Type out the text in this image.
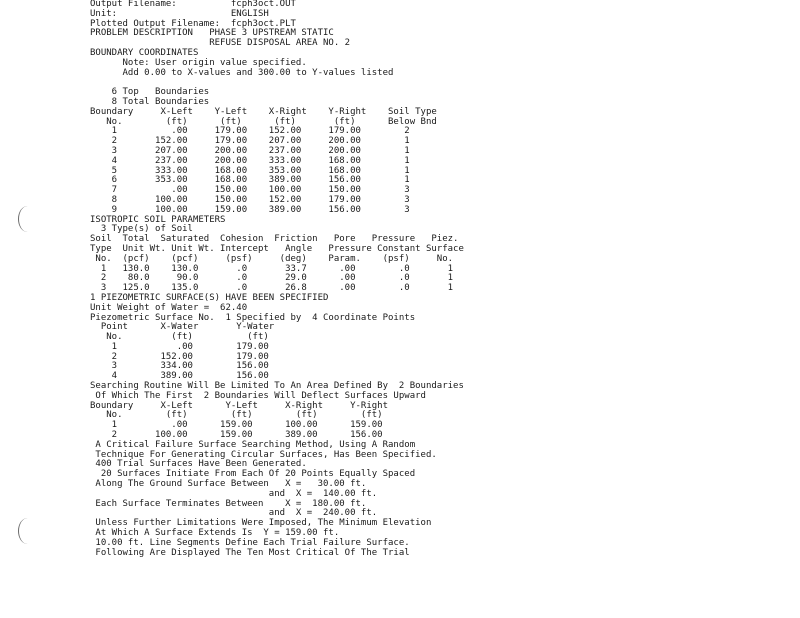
Output Filename:          fcph3oct.OUT
Unit:                     ENGLISH
Plotted Output Filename:  fcph3oct.PLT
PROBLEM DESCRIPTION   PHASE 3 UPSTREAM STATIC
REFUSE DISPOSAL AREA NO. 2
BOUNDARY COORDINATES
Note: User origin value specified.
Add 0.00 to X-values and 300.00 to Y-values listed
6 Top   Boundaries
8 Total Boundaries
Boundary     X-Left    Y-Left    X-Right    Y-Right    Soil Type
No.        (ft)      (ft)      (ft)       (ft)      Below Bnd
1          .00     179.00    152.00     179.00        2
2       152.00     179.00    207.00     200.00        1
3       207.00     200.00    237.00     200.00        1
4       237.00     200.00    333.00     168.00        1
5       333.00     168.00    353.00     168.00        1
6       353.00     168.00    389.00     156.00        1
7          .00     150.00    100.00     150.00        3
8       100.00     150.00    152.00     179.00        3
9       100.00     159.00    389.00     156.00        3
ISOTROPIC SOIL PARAMETERS
3 Type(s) of Soil
Soil  Total  Saturated  Cohesion  Friction   Pore   Pressure   Piez.
Type  Unit Wt. Unit Wt. Intercept   Angle   Pressure Constant Surface
No.  (pcf)    (pcf)     (psf)     (deg)    Param.    (psf)     No.
1   130.0    130.0       .0       33.7      .00        .0       1
2    80.0     90.0       .0       29.0      .00        .0       1
3   125.0    135.0       .0       26.8      .00        .0       1
1 PIEZOMETRIC SURFACE(S) HAVE BEEN SPECIFIED
Unit Weight of Water =  62.40
Piezometric Surface No.  1 Specified by  4 Coordinate Points
Point      X-Water       Y-Water
No.         (ft)          (ft)
1           .00        179.00
2        152.00        179.00
3        334.00        156.00
4        389.00        156.00
Searching Routine Will Be Limited To An Area Defined By  2 Boundaries
Of Which The First  2 Boundaries Will Deflect Surfaces Upward
Boundary     X-Left      Y-Left     X-Right     Y-Right
No.        (ft)        (ft)        (ft)        (ft)
1          .00      159.00      100.00      159.00
2       100.00      159.00      389.00      156.00
A Critical Failure Surface Searching Method, Using A Random
Technique For Generating Circular Surfaces, Has Been Specified.
400 Trial Surfaces Have Been Generated.
20 Surfaces Initiate From Each Of 20 Points Equally Spaced
Along The Ground Surface Between   X =   30.00 ft.
and  X =  140.00 ft.
Each Surface Terminates Between    X =  180.00 ft.
and  X =  240.00 ft.
Unless Further Limitations Were Imposed, The Minimum Elevation
At Which A Surface Extends Is  Y = 159.00 ft.
10.00 ft. Line Segments Define Each Trial Failure Surface.
Following Are Displayed The Ten Most Critical Of The Trial
